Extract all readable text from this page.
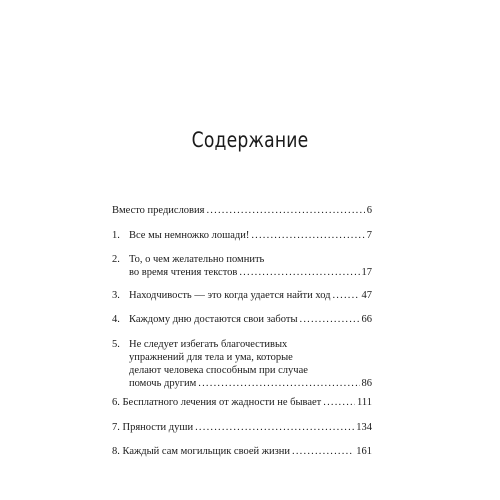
Содержание
Вместо предисловия .....	6
1. Все мы немножко лошади! .....	7
2. То, о чем желательно помнить
во время чтения текстов .....	17
3. Находчивость — это когда удается найти ход .....	47
4. Каждому дню достаются свои заботы .....	66
5. Не следует избегать благочестивых
упражнений для тела и ума, которые
делают человека способным при случае
помочь другим .....	86
6. Бесплатного лечения от жадности не бывает .....	111
7. Пряности души .....	134
8. Каждый сам могильщик своей жизни .....	161
